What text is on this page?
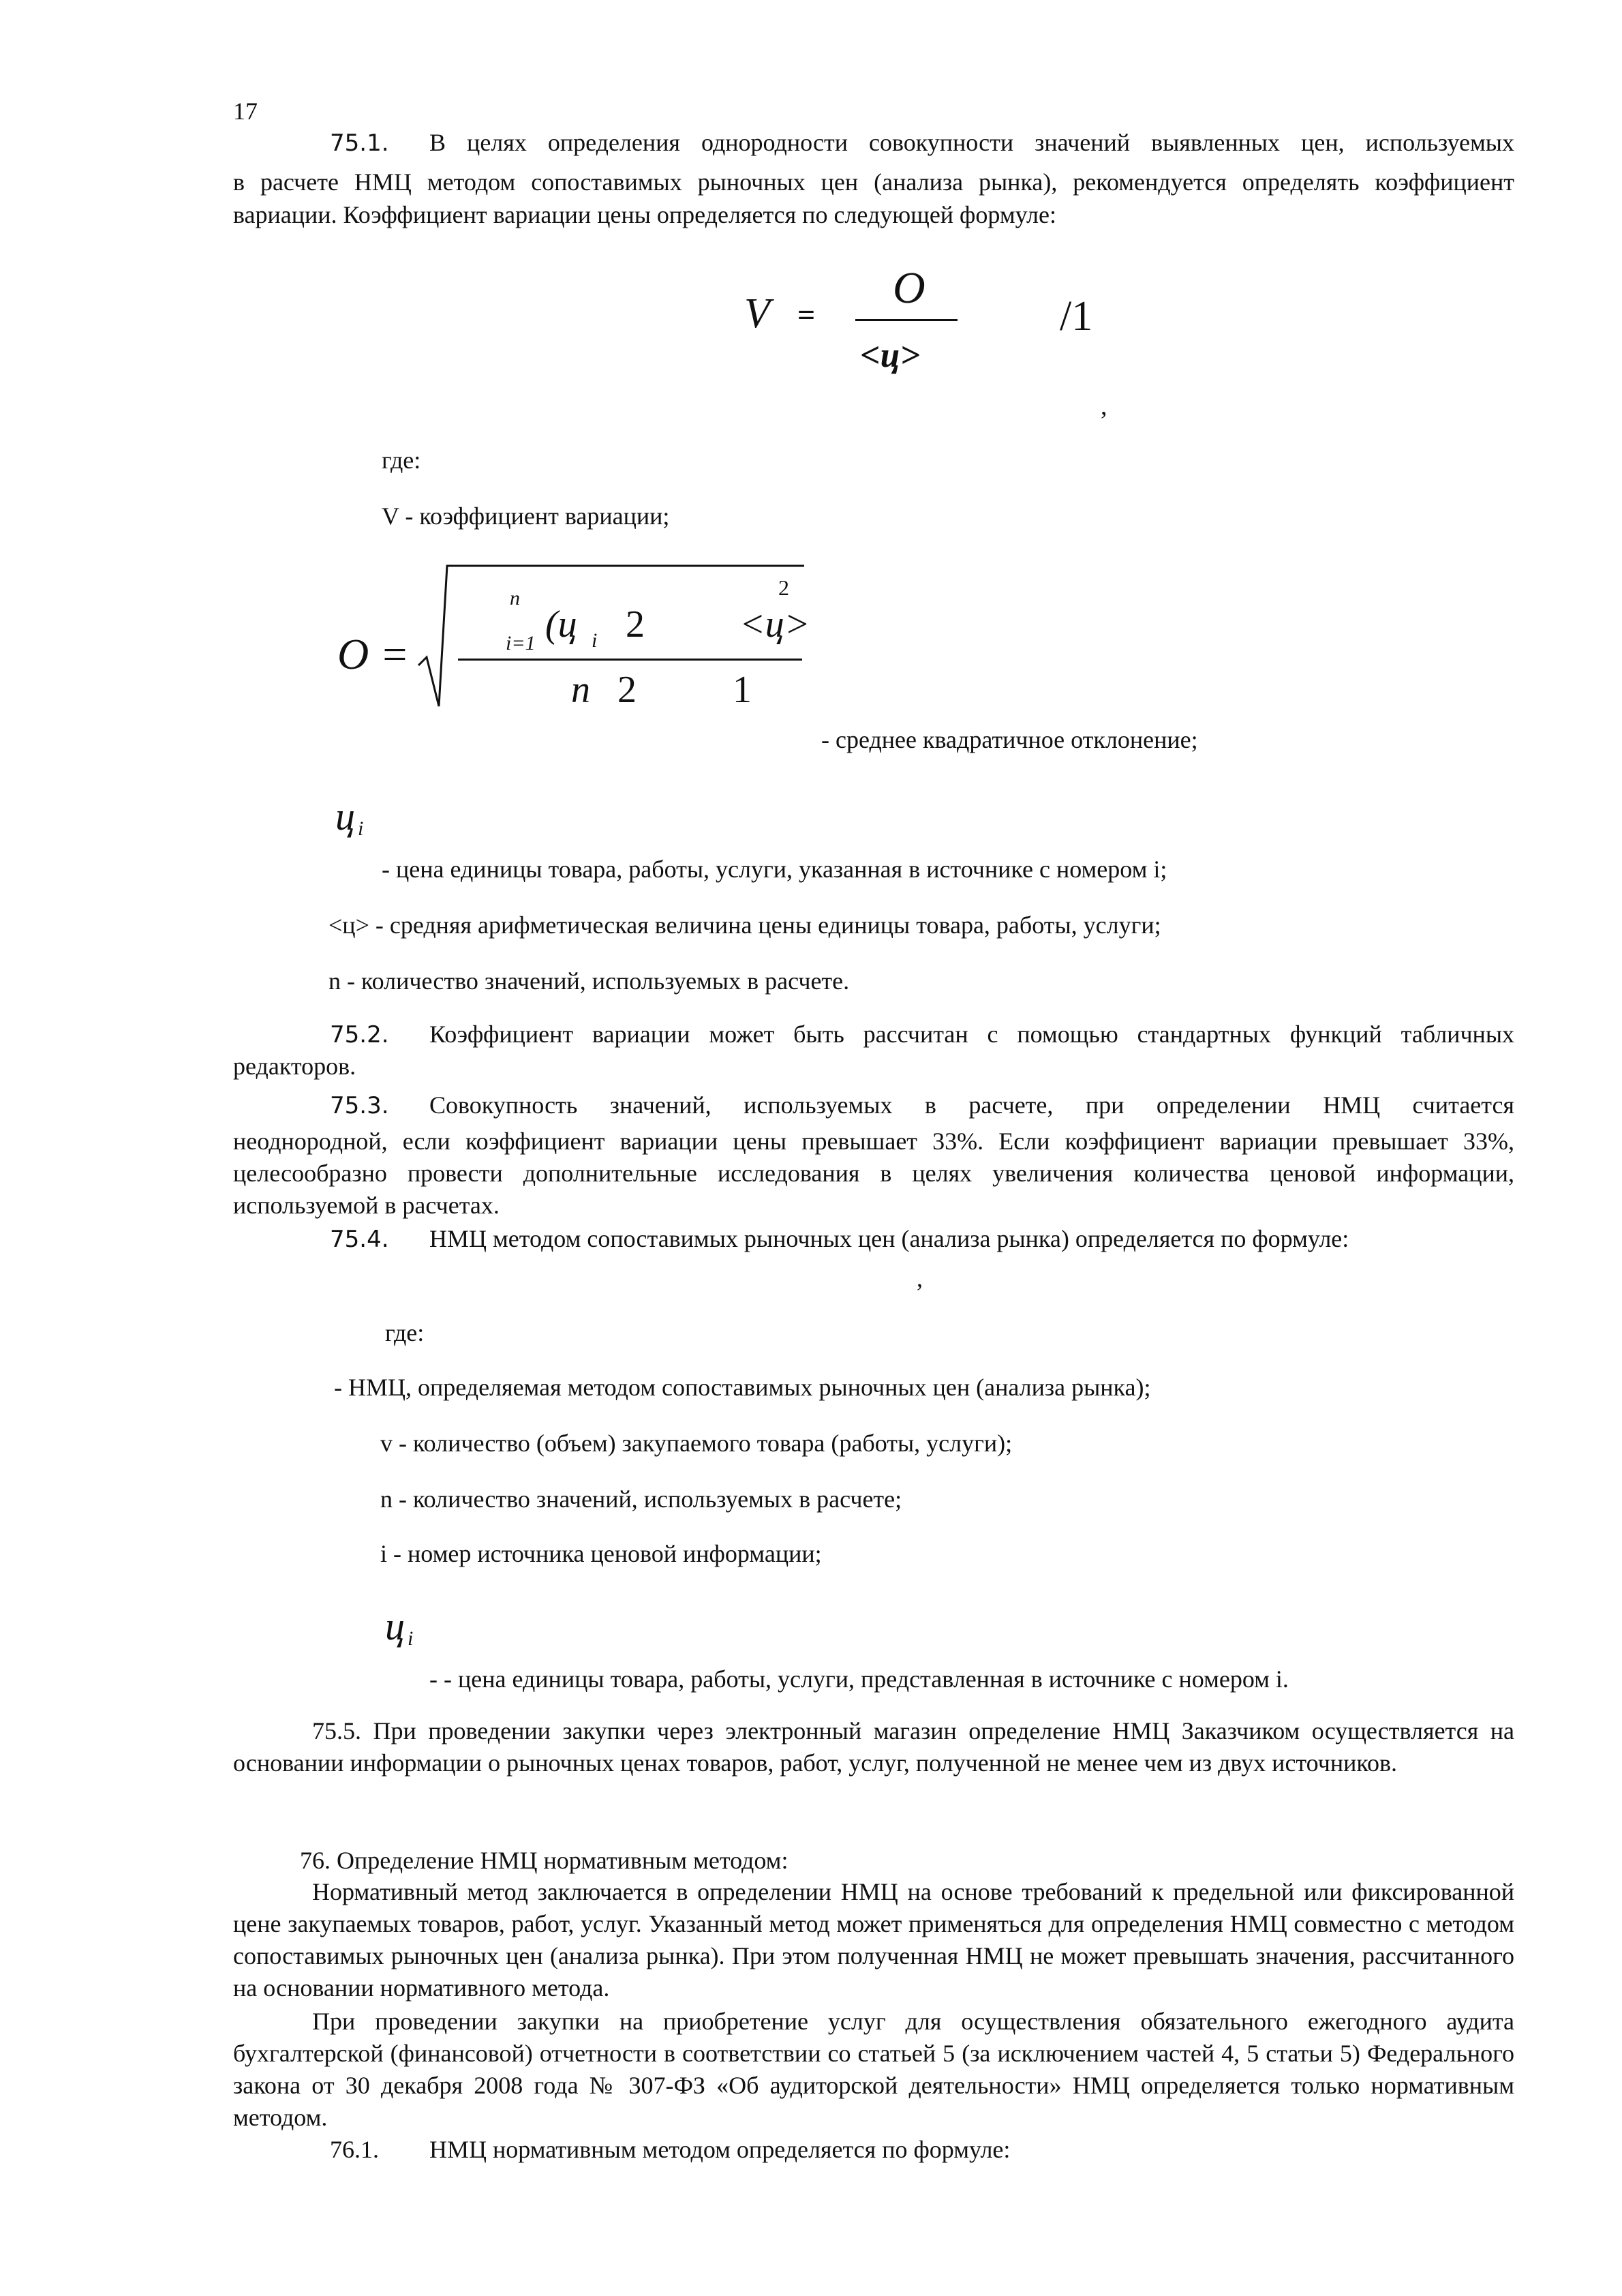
17
75.1.	В целях определения однородности совокупности значений выявленных цен, используемых
в расчете НМЦ методом сопоставимых рыночных цен (анализа рынка), рекомендуется определять коэффициент вариации. Коэффициент вариации цены определяется по следующей формуле:
V =
О
<ц>
/1
,
где:
V - коэффициент вариации;
О =
n
i=1 (ц i 2 <ц>
2
n 2	1
- среднее квадратичное отклонение;
ц i
- цена единицы товара, работы, услуги, указанная в источнике с номером i;
<ц> - средняя арифметическая величина цены единицы товара, работы, услуги;
n - количество значений, используемых в расчете.
75.2.	Коэффициент вариации может быть рассчитан с помощью стандартных функций табличных
редакторов.
75.3.	Совокупность значений, используемых в расчете, при определении НМЦ считается
неоднородной, если коэффициент вариации цены превышает 33%. Если коэффициент вариации превышает 33%, целесообразно провести дополнительные исследования в целях увеличения количества ценовой информации, используемой в расчетах.
75.4.	НМЦ методом сопоставимых рыночных цен (анализа рынка) определяется по формуле:
,
где:
- НМЦ, определяемая методом сопоставимых рыночных цен (анализа рынка);
v - количество (объем) закупаемого товара (работы, услуги);
n - количество значений, используемых в расчете;
i - номер источника ценовой информации;
ц i
- - цена единицы товара, работы, услуги, представленная в источнике с номером i.
75.5. При проведении закупки через электронный магазин определение НМЦ Заказчиком осуществляется на основании информации о рыночных ценах товаров, работ, услуг, полученной не менее чем из двух источников.
76. Определение НМЦ нормативным методом:
Нормативный метод заключается в определении НМЦ на основе требований к предельной или фиксированной цене закупаемых товаров, работ, услуг. Указанный метод может применяться для определения НМЦ совместно с методом сопоставимых рыночных цен (анализа рынка). При этом полученная НМЦ не может превышать значения, рассчитанного на основании нормативного метода.
При проведении закупки на приобретение услуг для осуществления обязательного ежегодного аудита бухгалтерской (финансовой) отчетности в соответствии со статьей 5 (за исключением частей 4, 5 статьи 5) Федерального закона от 30 декабря 2008 года № 307-ФЗ «Об аудиторской деятельности» НМЦ определяется только нормативным методом.
76.1. НМЦ нормативным методом определяется по формуле:
